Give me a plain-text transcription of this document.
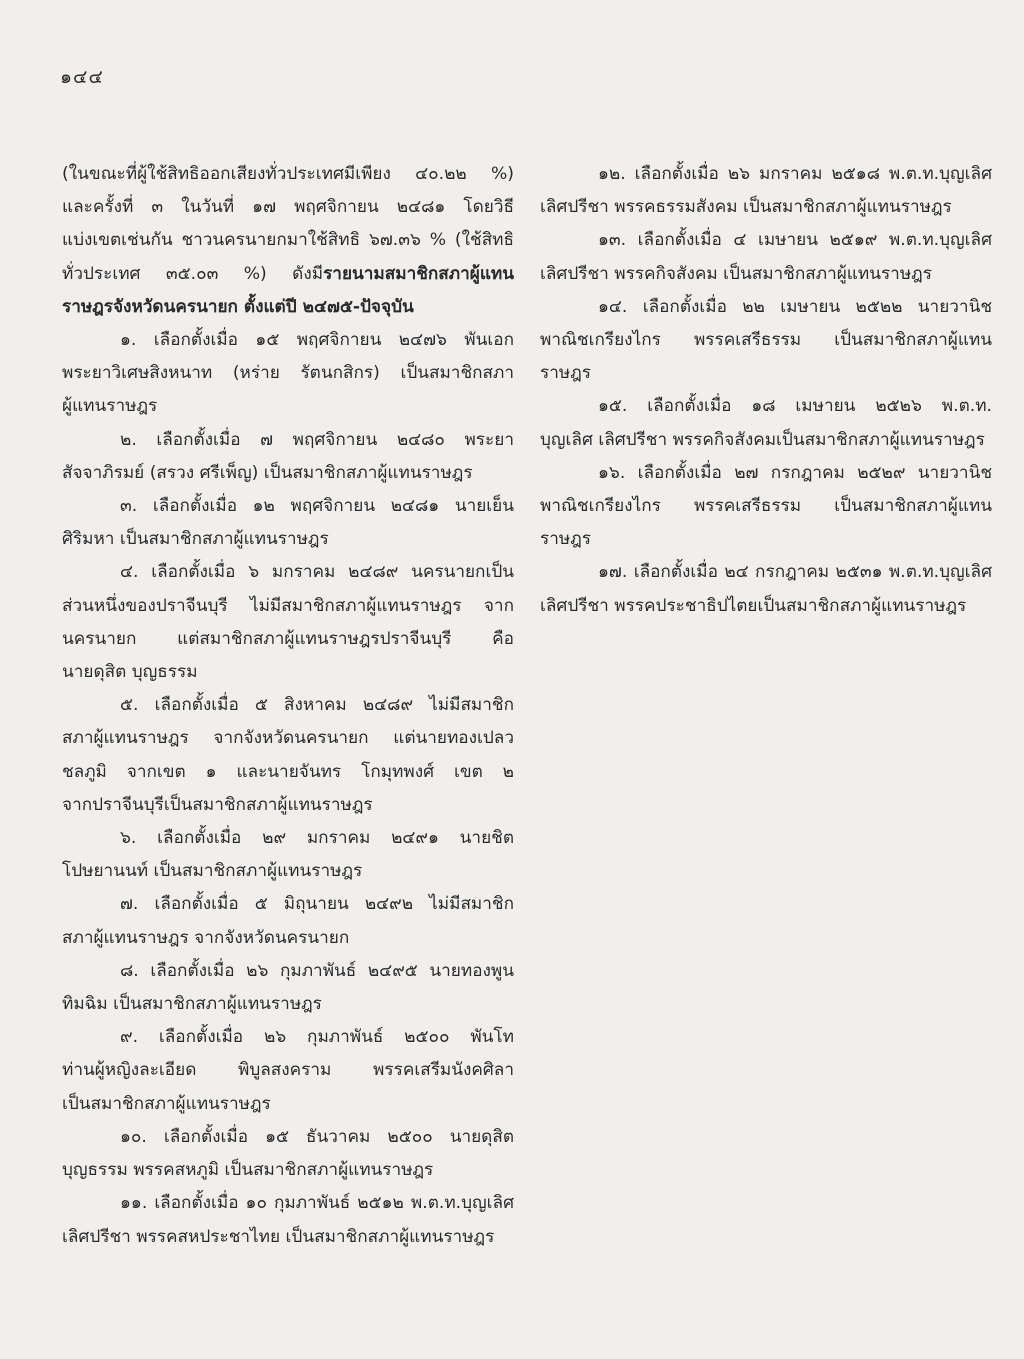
๑๔๔

(ในขณะที่ผู้ใช้สิทธิออกเสียงทั่วประเทศมีเพียง ๔๐.๒๒ %)

และครั้งที่ ๓ ในวันที่ ๑๗ พฤศจิกายน ๒๔๘๑ โดยวิธี

แบ่งเขตเช่นกัน ชาวนครนายกมาใช้สิทธิ ๖๗.๓๖ % (ใช้สิทธิ

ทั่วประเทศ ๓๕.๐๓ %) ดังมีรายนามสมาชิกสภาผู้แทน

ราษฎรจังหวัดนครนายก ตั้งแต่ปี ๒๔๗๕-ปัจจุบัน

๑. เลือกตั้งเมื่อ ๑๕ พฤศจิกายน ๒๔๗๖ พันเอก

พระยาวิเศษสิงหนาท (หร่าย รัตนกสิกร) เป็นสมาชิกสภา

ผู้แทนราษฎร

๒. เลือกตั้งเมื่อ ๗ พฤศจิกายน ๒๔๘๐ พระยา

สัจจาภิรมย์ (สรวง ศรีเพ็ญ) เป็นสมาชิกสภาผู้แทนราษฎร

๓. เลือกตั้งเมื่อ ๑๒ พฤศจิกายน ๒๔๘๑ นายเย็น

ศิริมหา เป็นสมาชิกสภาผู้แทนราษฎร

๔. เลือกตั้งเมื่อ ๖ มกราคม ๒๔๘๙ นครนายกเป็น

ส่วนหนึ่งของปราจีนบุรี ไม่มีสมาชิกสภาผู้แทนราษฎร จาก

นครนายก แต่สมาชิกสภาผู้แทนราษฎรปราจีนบุรี คือ

นายดุสิต บุญธรรม

๕. เลือกตั้งเมื่อ ๕ สิงหาคม ๒๔๘๙ ไม่มีสมาชิก

สภาผู้แทนราษฎร จากจังหวัดนครนายก แต่นายทองเปลว

ชลภูมิ จากเขต ๑ และนายจันทร โกมุทพงศ์ เขต ๒

จากปราจีนบุรีเป็นสมาชิกสภาผู้แทนราษฎร

๖. เลือกตั้งเมื่อ ๒๙ มกราคม ๒๔๙๑ นายชิต

โปษยานนท์ เป็นสมาชิกสภาผู้แทนราษฎร

๗. เลือกตั้งเมื่อ ๕ มิถุนายน ๒๔๙๒ ไม่มีสมาชิก

สภาผู้แทนราษฎร จากจังหวัดนครนายก

๘. เลือกตั้งเมื่อ ๒๖ กุมภาพันธ์ ๒๔๙๕ นายทองพูน

ทิมฉิม เป็นสมาชิกสภาผู้แทนราษฎร

๙. เลือกตั้งเมื่อ ๒๖ กุมภาพันธ์ ๒๕๐๐ พันโท

ท่านผู้หญิงละเอียด พิบูลสงคราม พรรคเสรีมนังคศิลา

เป็นสมาชิกสภาผู้แทนราษฎร

๑๐. เลือกตั้งเมื่อ ๑๕ ธันวาคม ๒๕๐๐ นายดุสิต

บุญธรรม พรรคสหภูมิ เป็นสมาชิกสภาผู้แทนราษฎร

๑๑. เลือกตั้งเมื่อ ๑๐ กุมภาพันธ์ ๒๕๑๒ พ.ต.ท.บุญเลิศ

เลิศปรีชา พรรคสหประชาไทย เป็นสมาชิกสภาผู้แทนราษฎร

๑๒. เลือกตั้งเมื่อ ๒๖ มกราคม ๒๕๑๘ พ.ต.ท.บุญเลิศ

เลิศปรีชา พรรคธรรมสังคม เป็นสมาชิกสภาผู้แทนราษฎร

๑๓. เลือกตั้งเมื่อ ๔ เมษายน ๒๕๑๙ พ.ต.ท.บุญเลิศ

เลิศปรีชา พรรคกิจสังคม เป็นสมาชิกสภาผู้แทนราษฎร

๑๔. เลือกตั้งเมื่อ ๒๒ เมษายน ๒๕๒๒ นายวานิช

พาณิชเกรียงไกร พรรคเสรีธรรม เป็นสมาชิกสภาผู้แทน

ราษฎร

๑๕. เลือกตั้งเมื่อ ๑๘ เมษายน ๒๕๒๖ พ.ต.ท.

บุญเลิศ เลิศปรีชา พรรคกิจสังคมเป็นสมาชิกสภาผู้แทนราษฎร

๑๖. เลือกตั้งเมื่อ ๒๗ กรกฎาคม ๒๕๒๙ นายวานิช

พาณิชเกรียงไกร พรรคเสรีธรรม เป็นสมาชิกสภาผู้แทน

ราษฎร

๑๗. เลือกตั้งเมื่อ ๒๔ กรกฎาคม ๒๕๓๑ พ.ต.ท.บุญเลิศ

เลิศปรีชา พรรคประชาธิปไตยเป็นสมาชิกสภาผู้แทนราษฎร
